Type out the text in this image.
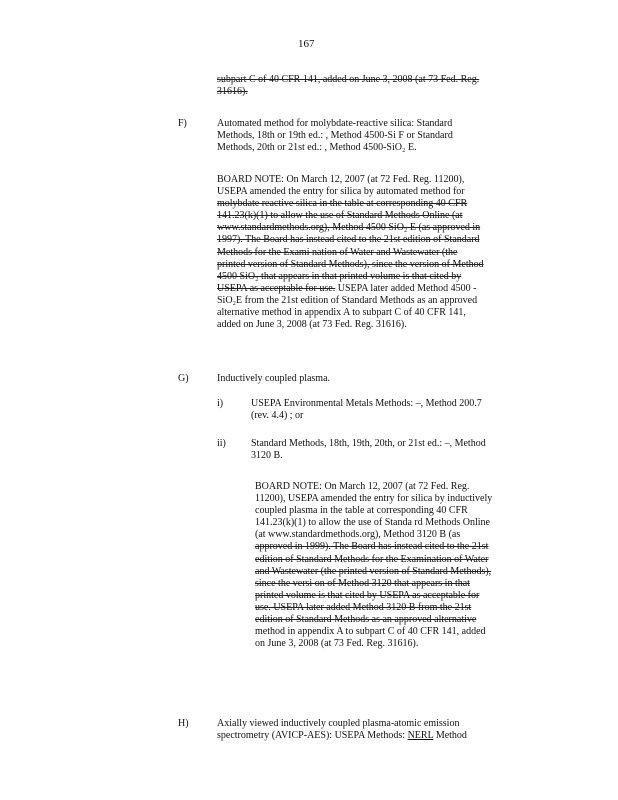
167
subpart C of 40 CFR 141, added on June 3, 2008 (at 73 Fed. Reg.
31616).
F)	Automated method for molybdate-reactive silica: Standard
Methods, 18th or 19th ed.: , Method 4500-Si F or Standard
Methods, 20th or 21st ed.: , Method 4500-SiO₂ E.
BOARD NOTE: On March 12, 2007 (at 72 Fed. Reg. 11200),
USEPA amended the entry for silica by automated method for
molybdate reactive silica in the table at corresponding 40 CFR
141.23(k)(1) to allow the use of Standard Methods Online (at
www.standardmethods.org), Method 4500 SiO₂ E (as approved in
1997). The Board has instead cited to the 21st edition of Standard
Methods for the Exami nation of Water and Wastewater (the
printed version of Standard Methods), since the version of Method
4500 SiO₂ that appears in that printed volume is that cited by
USEPA as acceptable for use. USEPA later added Method 4500 -
SiO₂E from the 21st edition of Standard Methods as an approved
alternative method in appendix A to subpart C of 40 CFR 141,
added on June 3, 2008 (at 73 Fed. Reg. 31616).
G)	Inductively coupled plasma.
i)	USEPA Environmental Metals Methods: –, Method 200.7
(rev. 4.4) ; or
ii)	Standard Methods, 18th, 19th, 20th, or 21st ed.: –, Method
3120 B.
BOARD NOTE: On March 12, 2007 (at 72 Fed. Reg.
11200), USEPA amended the entry for silica by inductively
coupled plasma in the table at corresponding 40 CFR
141.23(k)(1) to allow the use of Standa rd Methods Online
(at www.standardmethods.org), Method 3120 B (as
approved in 1999). The Board has instead cited to the 21st
edition of Standard Methods for the Examination of Water
and Wastewater (the printed version of Standard Methods),
since the versi on of Method 3120 that appears in that
printed volume is that cited by USEPA as acceptable for
use. USEPA later added Method 3120 B from the 21st
edition of Standard Methods as an approved alternative
method in appendix A to subpart C of 40 CFR 141, added
on June 3, 2008 (at 73 Fed. Reg. 31616).
H)	Axially viewed inductively coupled plasma-atomic emission
spectrometry (AVICP-AES): USEPA Methods: NERL Method
